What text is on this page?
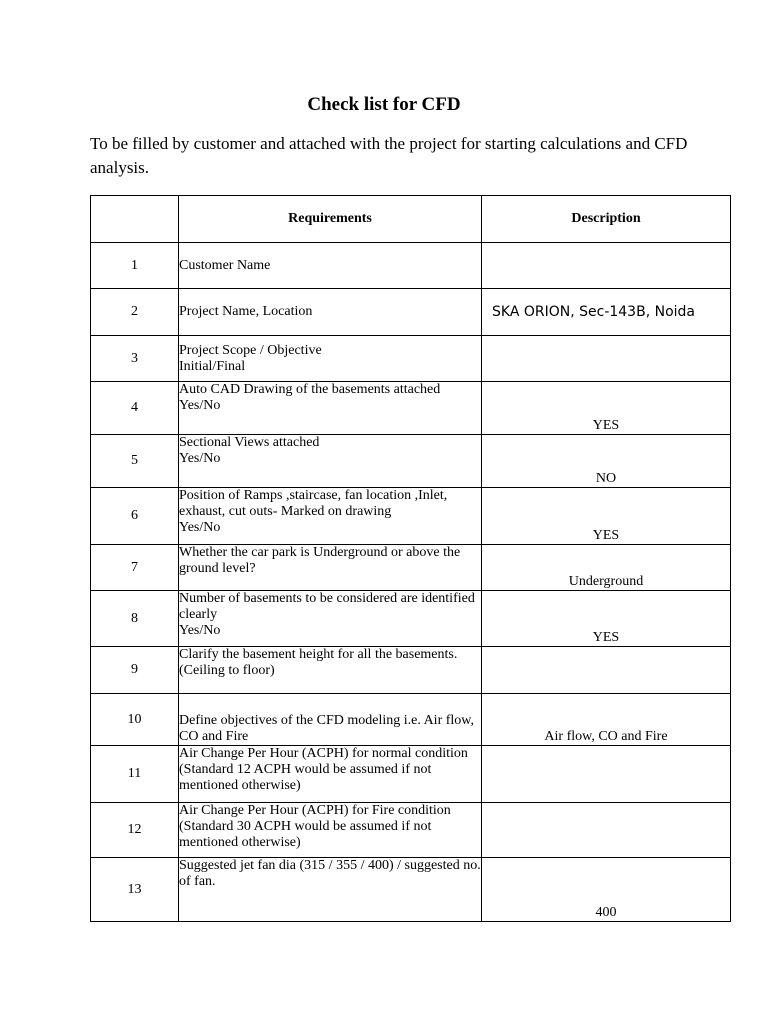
Check list for CFD
To be filled by customer and attached with the project for starting calculations and CFD analysis.
	Requirements	Description
1	Customer Name	

2	Project Name, Location	SKA ORION, Sec-143B, Noida
3	Project Scope / Objective
Initial/Final	

4	Auto CAD Drawing of the basements attached
Yes/No	YES
5	Sectional Views attached
Yes/No	NO
6	Position of Ramps ,staircase, fan location ,Inlet, exhaust, cut outs- Marked on drawing
Yes/No	YES
7	Whether the car park is Underground or above the ground level?	Underground
8	Number of basements to be considered are identified clearly
Yes/No	YES
9	Clarify the basement height for all the basements.
(Ceiling to floor)	

10	Define objectives of the CFD modeling i.e. Air flow, CO and Fire	Air flow, CO and Fire
11	Air Change Per Hour (ACPH) for normal condition (Standard 12 ACPH would be assumed if not mentioned otherwise)	

12	Air Change Per Hour (ACPH) for Fire condition (Standard 30 ACPH would be assumed if not mentioned otherwise)	

13	Suggested jet fan dia (315 / 355 / 400) / suggested no. of fan.	400
